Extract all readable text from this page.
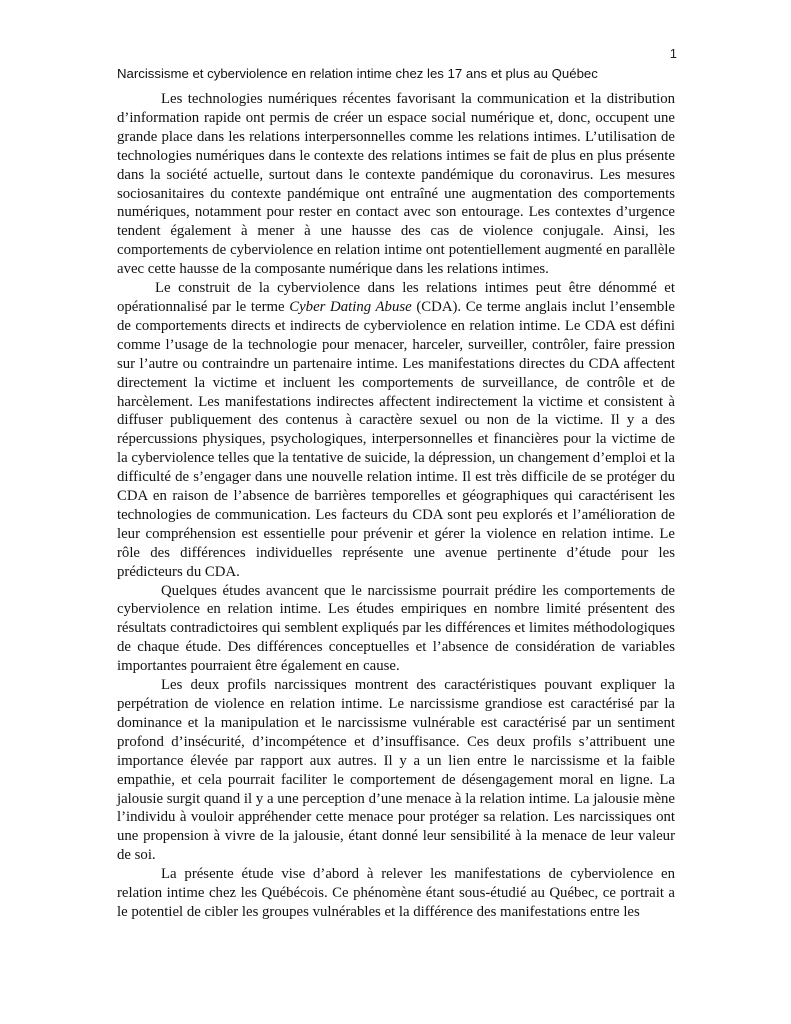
1
Narcissisme et cyberviolence en relation intime chez les 17 ans et plus au Québec

Les technologies numériques récentes favorisant la communication et la distribution d’information rapide ont permis de créer un espace social numérique et, donc, occupent une grande place dans les relations interpersonnelles comme les relations intimes. L’utilisation de technologies numériques dans le contexte des relations intimes se fait de plus en plus présente dans la société actuelle, surtout dans le contexte pandémique du coronavirus. Les mesures sociosanitaires du contexte pandémique ont entraîné une augmentation des comportements numériques, notamment pour rester en contact avec son entourage. Les contextes d’urgence tendent également à mener à une hausse des cas de violence conjugale. Ainsi, les comportements de cyberviolence en relation intime ont potentiellement augmenté en parallèle avec cette hausse de la composante numérique dans les relations intimes.

Le construit de la cyberviolence dans les relations intimes peut être dénommé et opérationnalisé par le terme Cyber Dating Abuse (CDA). Ce terme anglais inclut l’ensemble de comportements directs et indirects de cyberviolence en relation intime. Le CDA est défini comme l’usage de la technologie pour menacer, harceler, surveiller, contrôler, faire pression sur l’autre ou contraindre un partenaire intime. Les manifestations directes du CDA affectent directement la victime et incluent les comportements de surveillance, de contrôle et de harcèlement. Les manifestations indirectes affectent indirectement la victime et consistent à diffuser publiquement des contenus à caractère sexuel ou non de la victime. Il y a des répercussions physiques, psychologiques, interpersonnelles et financières pour la victime de la cyberviolence telles que la tentative de suicide, la dépression, un changement d’emploi et la difficulté de s’engager dans une nouvelle relation intime. Il est très difficile de se protéger du CDA en raison de l’absence de barrières temporelles et géographiques qui caractérisent les technologies de communication. Les facteurs du CDA sont peu explorés et l’amélioration de leur compréhension est essentielle pour prévenir et gérer la violence en relation intime. Le rôle des différences individuelles représente une avenue pertinente d’étude pour les prédicteurs du CDA.

Quelques études avancent que le narcissisme pourrait prédire les comportements de cyberviolence en relation intime. Les études empiriques en nombre limité présentent des résultats contradictoires qui semblent expliqués par les différences et limites méthodologiques de chaque étude. Des différences conceptuelles et l’absence de considération de variables importantes pourraient être également en cause.

Les deux profils narcissiques montrent des caractéristiques pouvant expliquer la perpétration de violence en relation intime. Le narcissisme grandiose est caractérisé par la dominance et la manipulation et le narcissisme vulnérable est caractérisé par un sentiment profond d’insécurité, d’incompétence et d’insuffisance. Ces deux profils s’attribuent une importance élevée par rapport aux autres. Il y a un lien entre le narcissisme et la faible empathie, et cela pourrait faciliter le comportement de désengagement moral en ligne. La jalousie surgit quand il y a une perception d’une menace à la relation intime. La jalousie mène l’individu à vouloir appréhender cette menace pour protéger sa relation. Les narcissiques ont une propension à vivre de la jalousie, étant donné leur sensibilité à la menace de leur valeur de soi.

La présente étude vise d’abord à relever les manifestations de cyberviolence en relation intime chez les Québécois. Ce phénomène étant sous-étudié au Québec, ce portrait a le potentiel de cibler les groupes vulnérables et la différence des manifestations entre les
